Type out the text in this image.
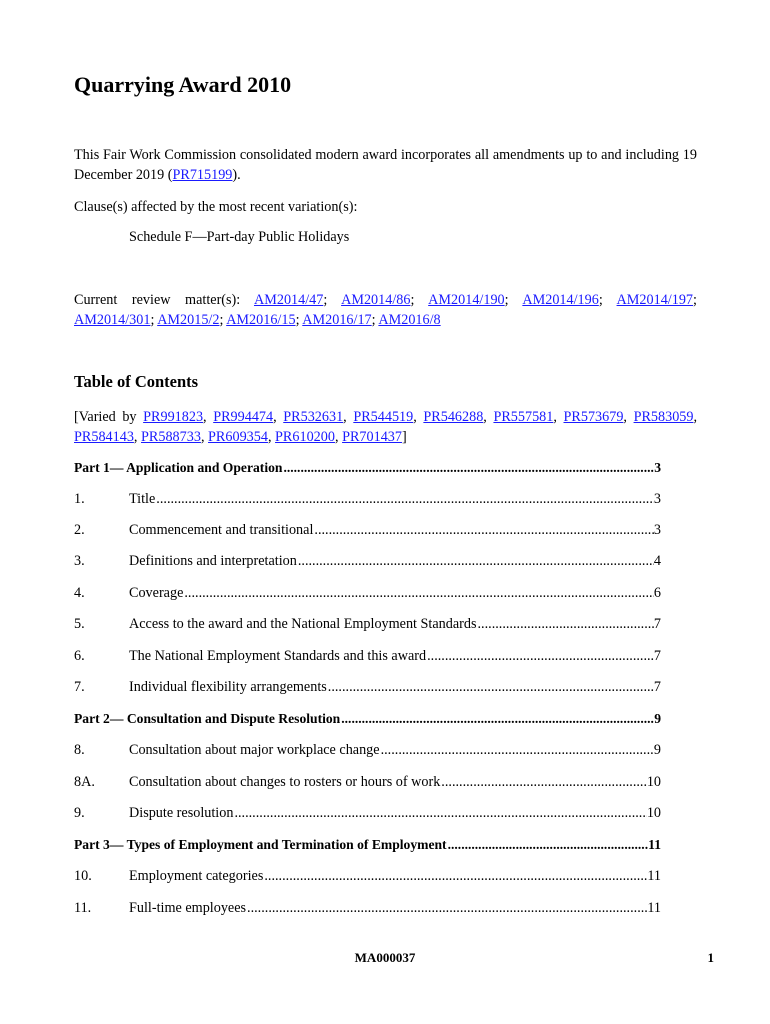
Quarrying Award 2010

This Fair Work Commission consolidated modern award incorporates all amendments up to and including 19 December 2019 (PR715199).

Clause(s) affected by the most recent variation(s):

Schedule F—Part-day Public Holidays

Current review matter(s): AM2014/47; AM2014/86; AM2014/190; AM2014/196; AM2014/197; AM2014/301; AM2015/2; AM2016/15; AM2016/17; AM2016/8

Table of Contents

[Varied by PR991823, PR994474, PR532631, PR544519, PR546288, PR557581, PR573679, PR583059, PR584143, PR588733, PR609354, PR610200, PR701437]

Part 1— Application and Operation .....	3
1.	Title .....	3
2.	Commencement and transitional .....	3
3.	Definitions and interpretation .....	4
4.	Coverage .....	6
5.	Access to the award and the National Employment Standards .....	7
6.	The National Employment Standards and this award .....	7
7.	Individual flexibility arrangements .....	7
Part 2— Consultation and Dispute Resolution .....	9
8.	Consultation about major workplace change .....	9
8A.	Consultation about changes to rosters or hours of work .....	10
9.	Dispute resolution .....	10
Part 3— Types of Employment and Termination of Employment .....	11
10.	Employment categories .....	11
11.	Full-time employees .....	11
MA000037	1
